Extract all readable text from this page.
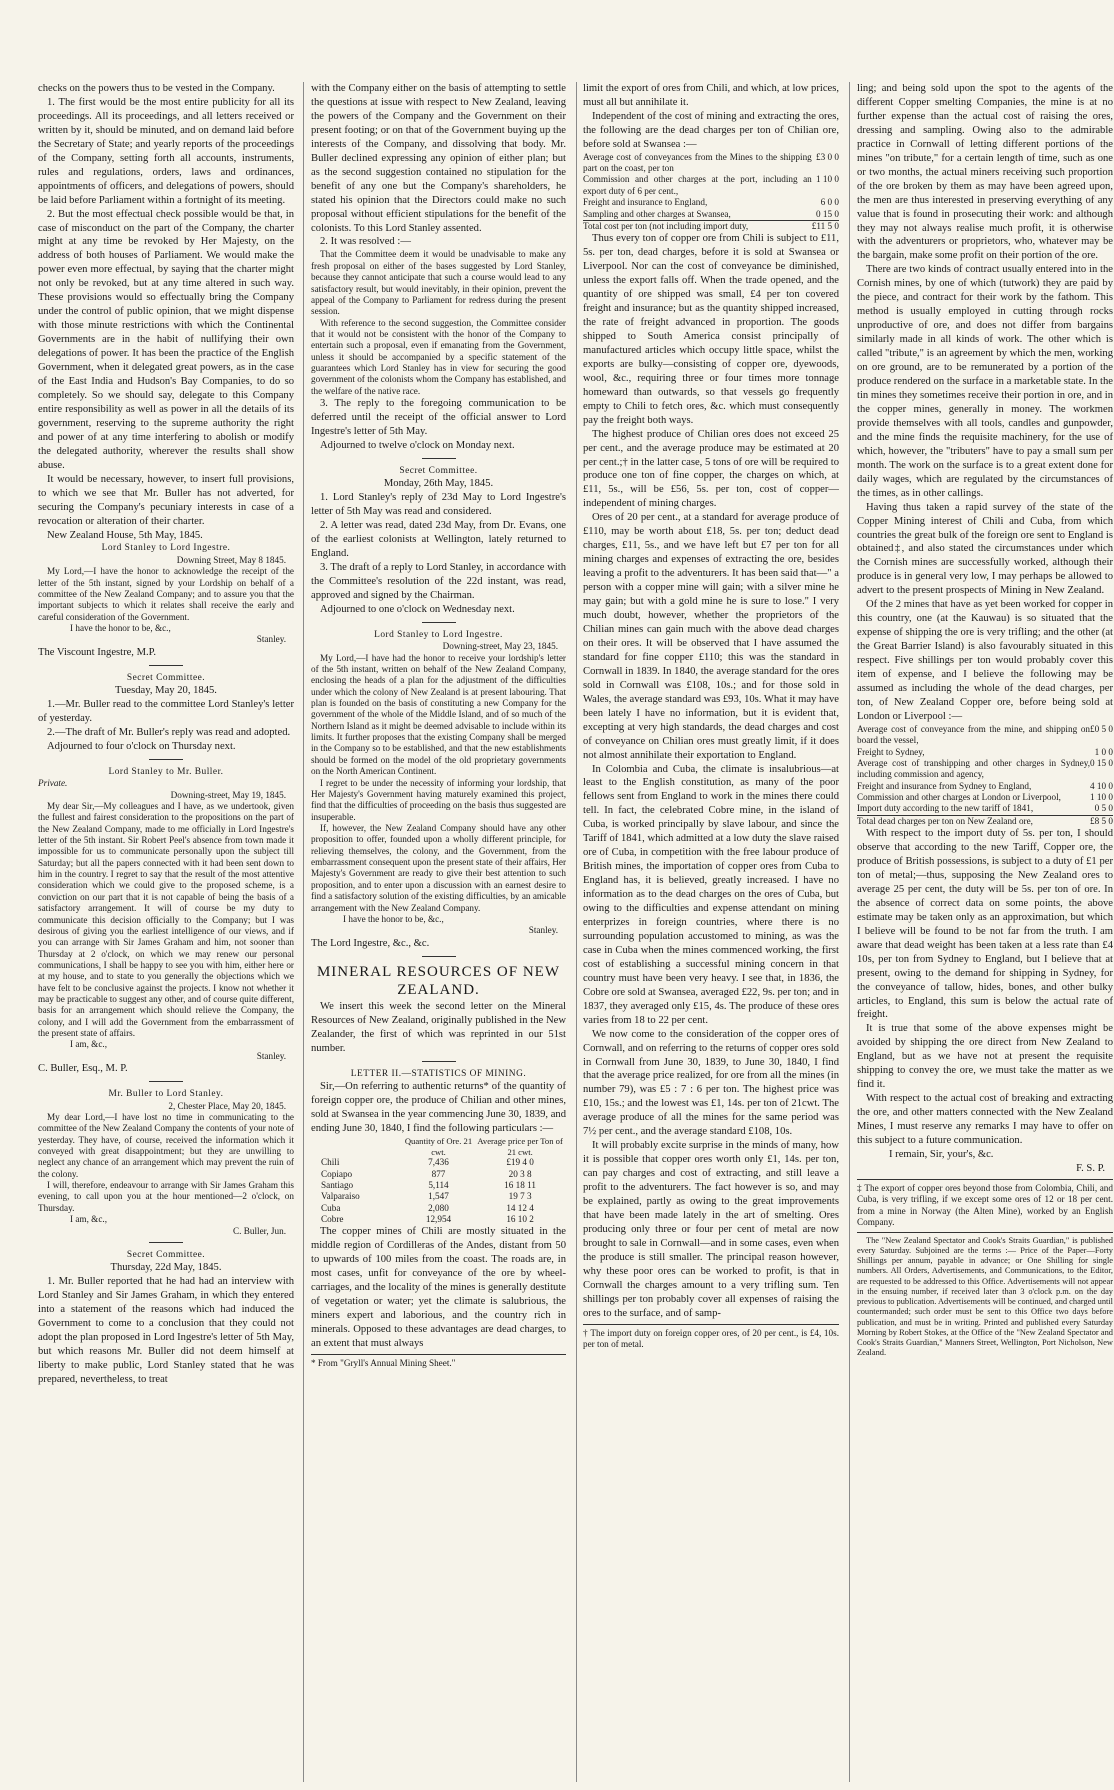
checks on the powers thus to be vested in the Company.

1. The first would be the most entire publicity for all its proceedings. All its proceedings, and all letters received or written by it, should be minuted, and on demand laid before the Secretary of State; and yearly reports of the proceedings of the Company, setting forth all accounts, instruments, rules and regulations, orders, laws and ordinances, appointments of officers, and delegations of powers, should be laid before Parliament within a fortnight of its meeting.

2. But the most effectual check possible would be that, in case of misconduct on the part of the Company, the charter might at any time be revoked by Her Majesty, on the address of both houses of Parliament. We would make the power even more effectual, by saying that the charter might not only be revoked, but at any time altered in such way. These provisions would so effectually bring the Company under the control of public opinion, that we might dispense with those minute restrictions with which the Continental Governments are in the habit of nullifying their own delegations of power. It has been the practice of the English Government, when it delegated great powers, as in the case of the East India and Hudson's Bay Companies, to do so completely. So we should say, delegate to this Company entire responsibility as well as power in all the details of its government, reserving to the supreme authority the right and power of at any time interfering to abolish or modify the delegated authority, wherever the results shall show abuse.

It would be necessary, however, to insert full provisions, to which we see that Mr. Buller has not adverted, for securing the Company's pecuniary interests in case of a revocation or alteration of their charter.

New Zealand House, 5th May, 1845.

Lord Stanley to Lord Ingestre.

Downing Street, May 8 1845.

My Lord,—I have the honor to acknowledge the receipt of the letter of the 5th instant, signed by your Lordship on behalf of a committee of the New Zealand Company; and to assure you that the important subjects to which it relates shall receive the early and careful consideration of the Government.

I have the honor to be, &c.,

Stanley.

The Viscount Ingestre, M.P.

Secret Committee.

Tuesday, May 20, 1845.

1.—Mr. Buller read to the committee Lord Stanley's letter of yesterday.

2.—The draft of Mr. Buller's reply was read and adopted.

Adjourned to four o'clock on Thursday next.

Lord Stanley to Mr. Buller.

Private.

Downing-street, May 19, 1845.

My dear Sir,—My colleagues and I have, as we undertook, given the fullest and fairest consideration to the propositions on the part of the New Zealand Company, made to me officially in Lord Ingestre's letter of the 5th instant. Sir Robert Peel's absence from town made it impossible for us to communicate personally upon the subject till Saturday; but all the papers connected with it had been sent down to him in the country. I regret to say that the result of the most attentive consideration which we could give to the proposed scheme, is a conviction on our part that it is not capable of being the basis of a satisfactory arrangement. It will of course be my duty to communicate this decision officially to the Company; but I was desirous of giving you the earliest intelligence of our views, and if you can arrange with Sir James Graham and him, not sooner than Thursday at 2 o'clock, on which we may renew our personal communications, I shall be happy to see you with him, either here or at my house, and to state to you generally the objections which we have felt to be conclusive against the projects. I know not whether it may be practicable to suggest any other, and of course quite different, basis for an arrangement which should relieve the Company, the colony, and I will add the Government from the embarrassment of the present state of affairs.

I am, &c.,

Stanley.

C. Buller, Esq., M. P.

Mr. Buller to Lord Stanley.

2, Chester Place, May 20, 1845.

My dear Lord,—I have lost no time in communicating to the committee of the New Zealand Company the contents of your note of yesterday. They have, of course, received the information which it conveyed with great disappointment; but they are unwilling to neglect any chance of an arrangement which may prevent the ruin of the colony.

I will, therefore, endeavour to arrange with Sir James Graham this evening, to call upon you at the hour mentioned—2 o'clock, on Thursday.

I am, &c.,

C. Buller, Jun.

Secret Committee.

Thursday, 22d May, 1845.

1. Mr. Buller reported that he had had an interview with Lord Stanley and Sir James Graham, in which they entered into a statement of the reasons which had induced the Government to come to a conclusion that they could not adopt the plan proposed in Lord Ingestre's letter of 5th May, but which reasons Mr. Buller did not deem himself at liberty to make public, Lord Stanley stated that he was prepared, nevertheless, to treat

with the Company either on the basis of attempting to settle the questions at issue with respect to New Zealand, leaving the powers of the Company and the Government on their present footing; or on that of the Government buying up the interests of the Company, and dissolving that body. Mr. Buller declined expressing any opinion of either plan; but as the second suggestion contained no stipulation for the benefit of any one but the Company's shareholders, he stated his opinion that the Directors could make no such proposal without efficient stipulations for the benefit of the colonists. To this Lord Stanley assented.

2. It was resolved :—

That the Committee deem it would be unadvisable to make any fresh proposal on either of the bases suggested by Lord Stanley, because they cannot anticipate that such a course would lead to any satisfactory result, but would inevitably, in their opinion, prevent the appeal of the Company to Parliament for redress during the present session.

With reference to the second suggestion, the Committee consider that it would not be consistent with the honor of the Company to entertain such a proposal, even if emanating from the Government, unless it should be accompanied by a specific statement of the guarantees which Lord Stanley has in view for securing the good government of the colonists whom the Company has established, and the welfare of the native race.

3. The reply to the foregoing communication to be deferred until the receipt of the official answer to Lord Ingestre's letter of 5th May.

Adjourned to twelve o'clock on Monday next.

Secret Committee.

Monday, 26th May, 1845.

1. Lord Stanley's reply of 23d May to Lord Ingestre's letter of 5th May was read and considered.

2. A letter was read, dated 23d May, from Dr. Evans, one of the earliest colonists at Wellington, lately returned to England.

3. The draft of a reply to Lord Stanley, in accordance with the Committee's resolution of the 22d instant, was read, approved and signed by the Chairman.

Adjourned to one o'clock on Wednesday next.

Lord Stanley to Lord Ingestre.

Downing-street, May 23, 1845.

My Lord,—I have had the honor to receive your lordship's letter of the 5th instant, written on behalf of the New Zealand Company, enclosing the heads of a plan for the adjustment of the difficulties under which the colony of New Zealand is at present labouring. That plan is founded on the basis of constituting a new Company for the government of the whole of the Middle Island, and of so much of the Northern Island as it might be deemed advisable to include within its limits. It further proposes that the existing Company shall be merged in the Company so to be established, and that the new establishments should be formed on the model of the old proprietary governments on the North American Continent.

I regret to be under the necessity of informing your lordship, that Her Majesty's Government having maturely examined this project, find that the difficulties of proceeding on the basis thus suggested are insuperable.

If, however, the New Zealand Company should have any other proposition to offer, founded upon a wholly different principle, for relieving themselves, the colony, and the Government, from the embarrassment consequent upon the present state of their affairs, Her Majesty's Government are ready to give their best attention to such proposition, and to enter upon a discussion with an earnest desire to find a satisfactory solution of the existing difficulties, by an amicable arrangement with the New Zealand Company.

I have the honor to be, &c.,

Stanley.

The Lord Ingestre, &c., &c.

MINERAL RESOURCES OF NEW ZEALAND.

We insert this week the second letter on the Mineral Resources of New Zealand, originally published in the New Zealander, the first of which was reprinted in our 51st number.

LETTER II.—STATISTICS OF MINING.

Sir,—On referring to authentic returns* of the quantity of foreign copper ore, the produce of Chilian and other mines, sold at Swansea in the year commencing June 30, 1839, and ending June 30, 1840, I find the following particulars :—

	Quantity of Ore. 21 cwt.	Average price per Ton of 21 cwt.
Chili	7,436	£19 4 0
Copiapo	877	20 3 8
Santiago	5,114	16 18 11
Valparaiso	1,547	19 7 3
Cuba	2,080	14 12 4
Cobre	12,954	16 10 2

The copper mines of Chili are mostly situated in the middle region of Cordilleras of the Andes, distant from 50 to upwards of 100 miles from the coast. The roads are, in most cases, unfit for conveyance of the ore by wheel-carriages, and the locality of the mines is generally destitute of vegetation or water; yet the climate is salubrious, the miners expert and laborious, and the country rich in minerals. Opposed to these advantages are dead charges, to an extent that must always

* From "Gryll's Annual Mining Sheet."

limit the export of ores from Chili, and which, at low prices, must all but annihilate it.

Independent of the cost of mining and extracting the ores, the following are the dead charges per ton of Chilian ore, before sold at Swansea :—

Average cost of conveyances from the Mines to the shipping part on the coast, per ton	£3 0 0
Commission and other charges at the port, including an export duty of 6 per cent.,	1 10 0
Freight and insurance to England,	6 0 0
Sampling and other charges at Swansea,	0 15 0
Total cost per ton (not including import duty,	£11 5 0

Thus every ton of copper ore from Chili is subject to £11, 5s. per ton, dead charges, before it is sold at Swansea or Liverpool. Nor can the cost of conveyance be diminished, unless the export falls off. When the trade opened, and the quantity of ore shipped was small, £4 per ton covered freight and insurance; but as the quantity shipped increased, the rate of freight advanced in proportion. The goods shipped to South America consist principally of manufactured articles which occupy little space, whilst the exports are bulky—consisting of copper ore, dyewoods, wool, &c., requiring three or four times more tonnage homeward than outwards, so that vessels go frequently empty to Chili to fetch ores, &c. which must consequently pay the freight both ways.

The highest produce of Chilian ores does not exceed 25 per cent., and the average produce may be estimated at 20 per cent.;† in the latter case, 5 tons of ore will be required to produce one ton of fine copper, the charges on which, at £11, 5s., will be £56, 5s. per ton, cost of copper—independent of mining charges.

Ores of 20 per cent., at a standard for average produce of £110, may be worth about £18, 5s. per ton; deduct dead charges, £11, 5s., and we have left but £7 per ton for all mining charges and expenses of extracting the ore, besides leaving a profit to the adventurers. It has been said that—" a person with a copper mine will gain; with a silver mine he may gain; but with a gold mine he is sure to lose." I very much doubt, however, whether the proprietors of the Chilian mines can gain much with the above dead charges on their ores. It will be observed that I have assumed the standard for fine copper £110; this was the standard in Cornwall in 1839. In 1840, the average standard for the ores sold in Cornwall was £108, 10s.; and for those sold in Wales, the average standard was £93, 10s. What it may have been lately I have no information, but it is evident that, excepting at very high standards, the dead charges and cost of conveyance on Chilian ores must greatly limit, if it does not almost annihilate their exportation to England.

In Colombia and Cuba, the climate is insalubrious—at least to the English constitution, as many of the poor fellows sent from England to work in the mines there could tell. In fact, the celebrated Cobre mine, in the island of Cuba, is worked principally by slave labour, and since the Tariff of 1841, which admitted at a low duty the slave raised ore of Cuba, in competition with the free labour produce of British mines, the importation of copper ores from Cuba to England has, it is believed, greatly increased. I have no information as to the dead charges on the ores of Cuba, but owing to the difficulties and expense attendant on mining enterprizes in foreign countries, where there is no surrounding population accustomed to mining, as was the case in Cuba when the mines commenced working, the first cost of establishing a successful mining concern in that country must have been very heavy. I see that, in 1836, the Cobre ore sold at Swansea, averaged £22, 9s. per ton; and in 1837, they averaged only £15, 4s. The produce of these ores varies from 18 to 22 per cent.

We now come to the consideration of the copper ores of Cornwall, and on referring to the returns of copper ores sold in Cornwall from June 30, 1839, to June 30, 1840, I find that the average price realized, for ore from all the mines (in number 79), was £5 : 7 : 6 per ton. The highest price was £10, 15s.; and the lowest was £1, 14s. per ton of 21cwt. The average produce of all the mines for the same period was 7½ per cent., and the average standard £108, 10s.

It will probably excite surprise in the minds of many, how it is possible that copper ores worth only £1, 14s. per ton, can pay charges and cost of extracting, and still leave a profit to the adventurers. The fact however is so, and may be explained, partly as owing to the great improvements that have been made lately in the art of smelting. Ores producing only three or four per cent of metal are now brought to sale in Cornwall—and in some cases, even when the produce is still smaller. The principal reason however, why these poor ores can be worked to profit, is that in Cornwall the charges amount to a very trifling sum. Ten shillings per ton probably cover all expenses of raising the ores to the surface, and of samp-

† The import duty on foreign copper ores, of 20 per cent., is £4, 10s. per ton of metal.

ling; and being sold upon the spot to the agents of the different Copper smelting Companies, the mine is at no further expense than the actual cost of raising the ores, dressing and sampling. Owing also to the admirable practice in Cornwall of letting different portions of the mines "on tribute," for a certain length of time, such as one or two months, the actual miners receiving such proportion of the ore broken by them as may have been agreed upon, the men are thus interested in preserving everything of any value that is found in prosecuting their work: and although they may not always realise much profit, it is otherwise with the adventurers or proprietors, who, whatever may be the bargain, make some profit on their portion of the ore.

There are two kinds of contract usually entered into in the Cornish mines, by one of which (tutwork) they are paid by the piece, and contract for their work by the fathom. This method is usually employed in cutting through rocks unproductive of ore, and does not differ from bargains similarly made in all kinds of work. The other which is called "tribute," is an agreement by which the men, working on ore ground, are to be remunerated by a portion of the produce rendered on the surface in a marketable state. In the tin mines they sometimes receive their portion in ore, and in the copper mines, generally in money. The workmen provide themselves with all tools, candles and gunpowder, and the mine finds the requisite machinery, for the use of which, however, the "tributers" have to pay a small sum per month. The work on the surface is to a great extent done for daily wages, which are regulated by the circumstances of the times, as in other callings.

Having thus taken a rapid survey of the state of the Copper Mining interest of Chili and Cuba, from which countries the great bulk of the foreign ore sent to England is obtained‡, and also stated the circumstances under which the Cornish mines are successfully worked, although their produce is in general very low, I may perhaps be allowed to advert to the present prospects of Mining in New Zealand.

Of the 2 mines that have as yet been worked for copper in this country, one (at the Kauwau) is so situated that the expense of shipping the ore is very trifling; and the other (at the Great Barrier Island) is also favourably situated in this respect. Five shillings per ton would probably cover this item of expense, and I believe the following may be assumed as including the whole of the dead charges, per ton, of New Zealand Copper ore, before being sold at London or Liverpool :—

Average cost of conveyance from the mine, and shipping on board the vessel,	£0 5 0
Freight to Sydney,	1 0 0
Average cost of transhipping and other charges in Sydney, including commission and agency,	0 15 0
Freight and insurance from Sydney to England,	4 10 0
Commission and other charges at London or Liverpool,	1 10 0
Import duty according to the new tariff of 1841,	0 5 0
Total dead charges per ton on New Zealand ore,	£8 5 0

With respect to the import duty of 5s. per ton, I should observe that according to the new Tariff, Copper ore, the produce of British possessions, is subject to a duty of £1 per ton of metal;—thus, supposing the New Zealand ores to average 25 per cent, the duty will be 5s. per ton of ore. In the absence of correct data on some points, the above estimate may be taken only as an approximation, but which I believe will be found to be not far from the truth. I am aware that dead weight has been taken at a less rate than £4 10s, per ton from Sydney to England, but I believe that at present, owing to the demand for shipping in Sydney, for the conveyance of tallow, hides, bones, and other bulky articles, to England, this sum is below the actual rate of freight.

It is true that some of the above expenses might be avoided by shipping the ore direct from New Zealand to England, but as we have not at present the requisite shipping to convey the ore, we must take the matter as we find it.

With respect to the actual cost of breaking and extracting the ore, and other matters connected with the New Zealand Mines, I must reserve any remarks I may have to offer on this subject to a future communication.

I remain, Sir, your's, &c.

F. S. P.

‡ The export of copper ores beyond those from Colombia, Chili, and Cuba, is very trifling, if we except some ores of 12 or 18 per cent. from a mine in Norway (the Alten Mine), worked by an English Company.

The "New Zealand Spectator and Cook's Straits Guardian," is published every Saturday. Subjoined are the terms :— Price of the Paper—Forty Shillings per annum, payable in advance; or One Shilling for single numbers. All Orders, Advertisements, and Communications, to the Editor, are requested to be addressed to this Office. Advertisements will not appear in the ensuing number, if received later than 3 o'clock p.m. on the day previous to publication. Advertisements will be continued, and charged until countermanded; such order must be sent to this Office two days before publication, and must be in writing. Printed and published every Saturday Morning by Robert Stokes, at the Office of the "New Zealand Spectator and Cook's Straits Guardian," Manners Street, Wellington, Port Nicholson, New Zealand.
